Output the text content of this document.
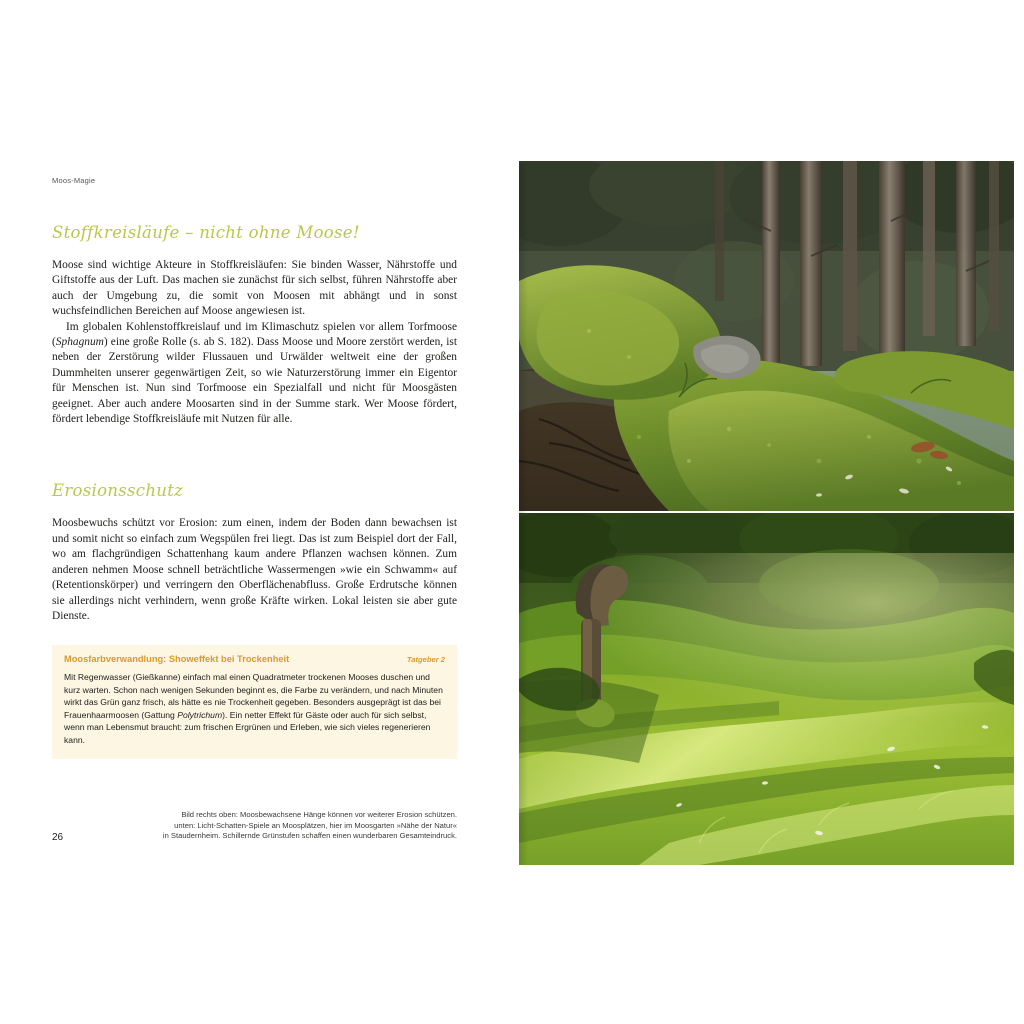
Moos-Magie
Stoffkreisläufe – nicht ohne Moose!

Moose sind wichtige Akteure in Stoffkreisläufen: Sie binden Wasser, Nährstoffe und Giftstoffe aus der Luft. Das machen sie zunächst für sich selbst, führen Nährstoffe aber auch der Umgebung zu, die somit von Moosen mit abhängt und in sonst wuchsfeindlichen Bereichen auf Moose angewiesen ist.

Im globalen Kohlenstoffkreislauf und im Klimaschutz spielen vor allem Torfmoose (Sphagnum) eine große Rolle (s. ab S. 182). Dass Moose und Moore zerstört werden, ist neben der Zerstörung wilder Flussauen und Urwälder weltweit eine der großen Dummheiten unserer gegenwärtigen Zeit, so wie Naturzerstörung immer ein Eigentor für Menschen ist. Nun sind Torfmoose ein Spezialfall und nicht für Moosgästen geeignet. Aber auch andere Moosarten sind in der Summe stark. Wer Moose fördert, fördert lebendige Stoffkreisläufe mit Nutzen für alle.

Erosionsschutz

Moosbewuchs schützt vor Erosion: zum einen, indem der Boden dann bewachsen ist und somit nicht so einfach zum Wegspülen frei liegt. Das ist zum Beispiel dort der Fall, wo am flachgründigen Schattenhang kaum andere Pflanzen wachsen können. Zum anderen nehmen Moose schnell beträchtliche Wassermengen »wie ein Schwamm« auf (Retentionskörper) und verringern den Oberflächenabfluss. Große Erdrutsche können sie allerdings nicht verhindern, wenn große Kräfte wirken. Lokal leisten sie aber gute Dienste.

Moosfarbverwandlung: Showeffekt bei Trockenheit	Tatgeber 2

Mit Regenwasser (Gießkanne) einfach mal einen Quadratmeter trockenen Mooses duschen und kurz warten. Schon nach wenigen Sekunden beginnt es, die Farbe zu verändern, und nach Minuten wirkt das Grün ganz frisch, als hätte es nie Trockenheit gegeben. Besonders ausgeprägt ist das bei Frauenhaarmoosen (Gattung Polytrichum). Ein netter Effekt für Gäste oder auch für sich selbst, wenn man Lebensmut braucht: zum frischen Ergrünen und Erleben, wie sich vieles regenerieren kann.

Bild rechts oben: Moosbewachsene Hänge können vor weiterer Erosion schützen.
unten: Licht-Schatten-Spiele an Moosplätzen, hier im Moosgarten »Nähe der Natur«
in Staudernheim. Schillernde Grünstufen schaffen einen wunderbaren Gesamteindruck.
26
